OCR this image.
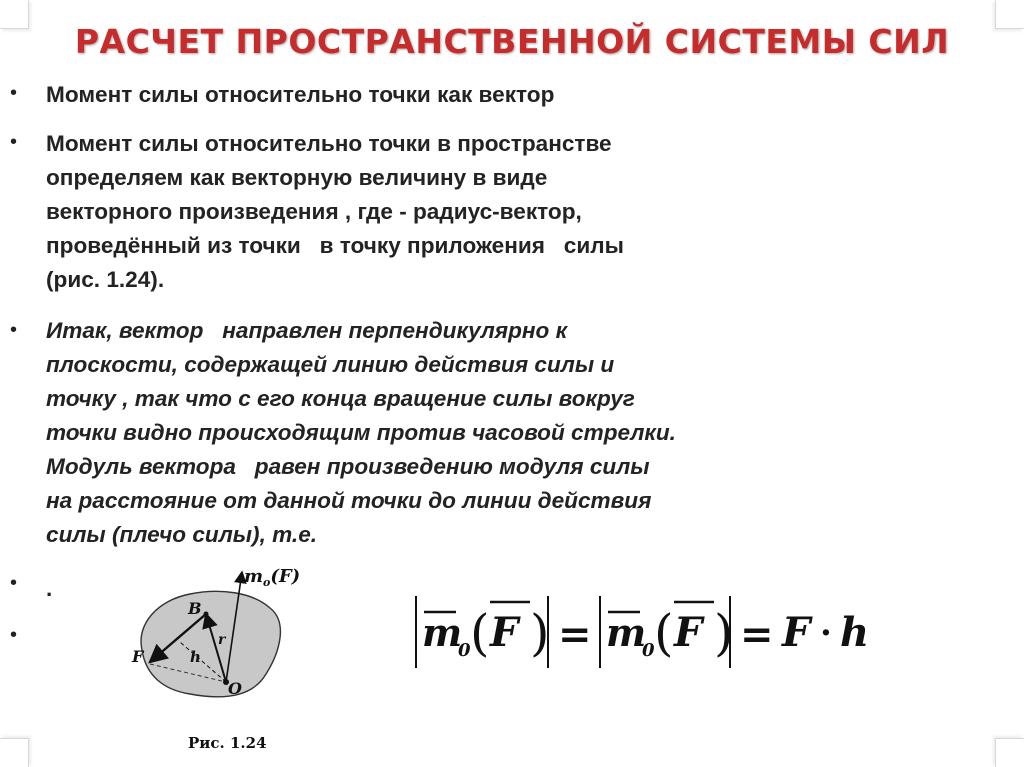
РАСЧЕТ ПРОСТРАНСТВЕННОЙ СИСТЕМЫ СИЛ
•	Момент силы относительно точки как вектор
•	Момент силы относительно точки в пространстве
определяем как векторную величину в виде
векторного произведения , где - радиус-вектор,
проведённый из точки   в точку приложения   силы
(рис. 1.24).
•	Итак, вектор   направлен перпендикулярно к
плоскости, содержащей линию действия силы и
точку , так что с его конца вращение силы вокруг
точки видно происходящим против часовой стрелки.
Модуль вектора   равен произведению модуля силы
на расстояние от данной точки до линии действия
силы (плечо силы), т.е.
•	.
•
$m_o(F)$
B
F
r
h
O
Рис. 1.24
m
0 ( F ) = m
0 ( F ) = F · h
